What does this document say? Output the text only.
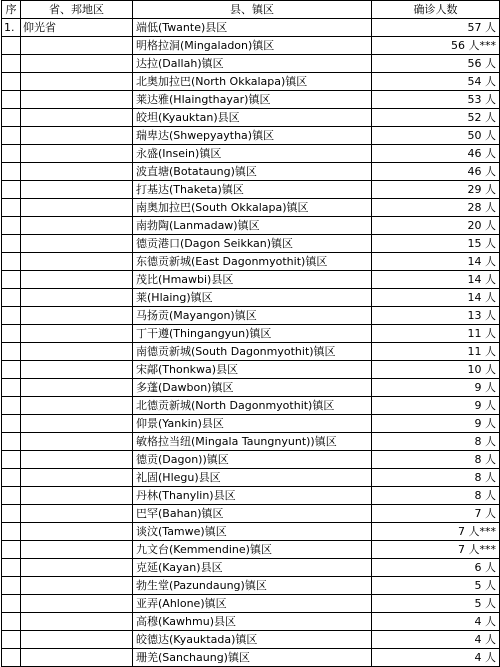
序	省、邦地区	县、镇区	确诊人数
1.	仰光省	端低(Twante)县区	57 人
		明格拉洞(Mingaladon)镇区	56 人***
		达拉(Dallah)镇区	56 人
		北奥加拉巴(North Okkalapa)镇区	54 人
		莱达雅(Hlaingthayar)镇区	53 人
		皎坦(Kyauktan)县区	52 人
		瑞卑达(Shwepyaytha)镇区	50 人
		永盛(Insein)镇区	46 人
		波直塘(Botataung)镇区	46 人
		打基达(Thaketa)镇区	29 人
		南奥加拉巴(South Okkalapa)镇区	28 人
		南勃陶(Lanmadaw)镇区	20 人
		德贡港口(Dagon Seikkan)镇区	15 人
		东德贡新城(East Dagonmyothit)镇区	14 人
		茂比(Hmawbi)县区	14 人
		莱(Hlaing)镇区	14 人
		马扬贡(Mayangon)镇区	13 人
		丁干遵(Thingangyun)镇区	11 人
		南德贡新城(South Dagonmyothit)镇区	11 人
		宋鄗(Thonkwa)县区	10 人
		多蓬(Dawbon)镇区	9 人
		北德贡新城(North Dagonmyothit)镇区	9 人
		仰景(Yankin)县区	9 人
		敏格拉当纽(Mingala Taungnyunt))镇区	8 人
		德贡(Dagon))镇区	8 人
		礼固(Hlegu)县区	8 人
		丹林(Thanylin)县区	8 人
		巴罕(Bahan)镇区	7 人
		谈汶(Tamwe)镇区	7 人***
		九文台(Kemmendine)镇区	7 人***
		克延(Kayan)县区	6 人
		勃生堂(Pazundaung)镇区	5 人
		亚弄(Ahlone)镇区	5 人
		高穆(Kawhmu)县区	4 人
		皎德达(Kyauktada)镇区	4 人
		珊羌(Sanchaung)镇区	4 人
